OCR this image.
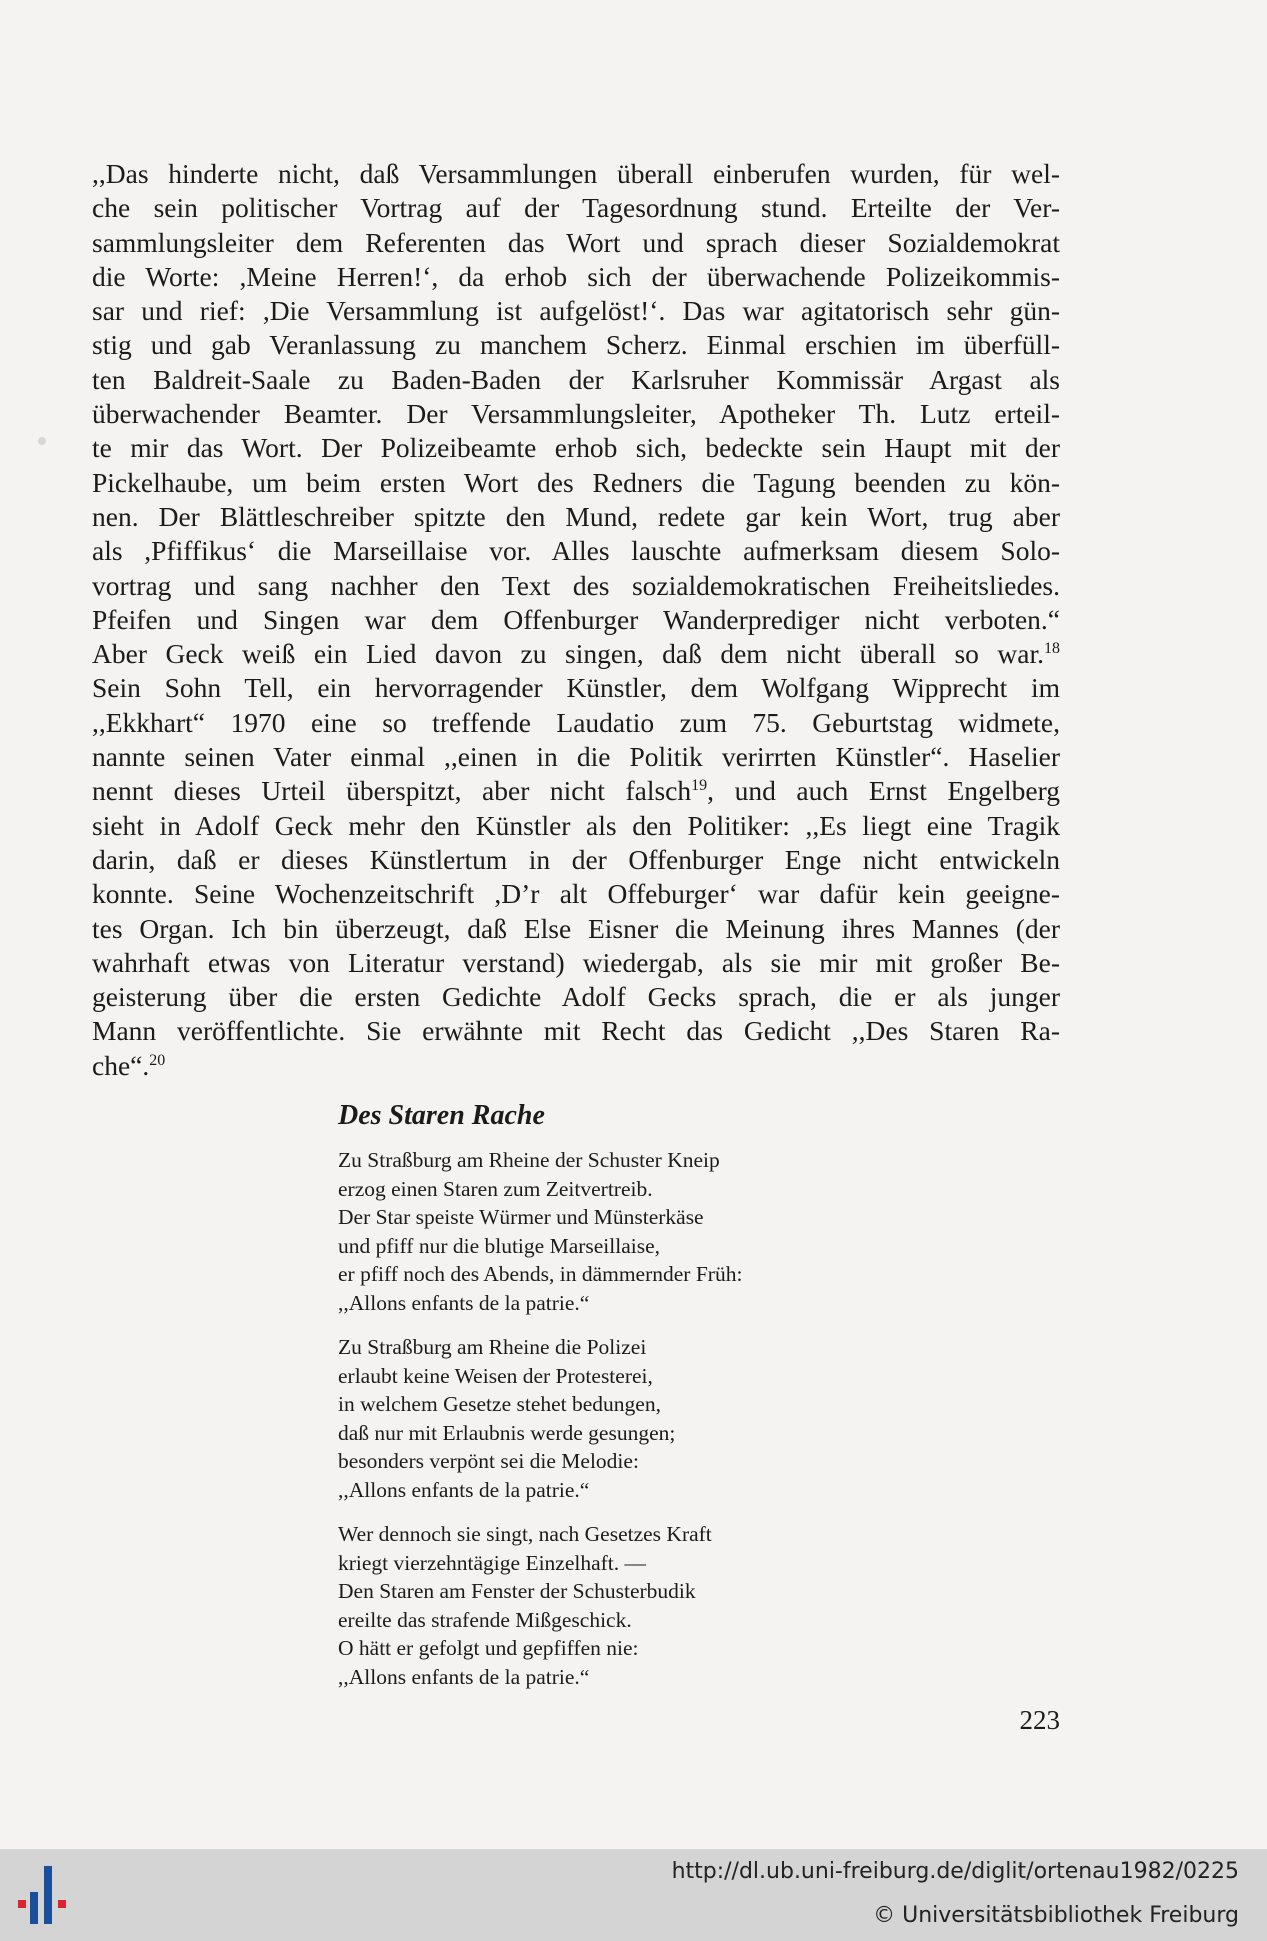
,,Das hinderte nicht, daß Versammlungen überall einberufen wurden, für wel-
che sein politischer Vortrag auf der Tagesordnung stund. Erteilte der Ver-
sammlungsleiter dem Referenten das Wort und sprach dieser Sozialdemokrat
die Worte: ,Meine Herren!‘, da erhob sich der überwachende Polizeikommis-
sar und rief: ,Die Versammlung ist aufgelöst!‘. Das war agitatorisch sehr gün-
stig und gab Veranlassung zu manchem Scherz. Einmal erschien im überfüll-
ten Baldreit-Saale zu Baden-Baden der Karlsruher Kommissär Argast als
überwachender Beamter. Der Versammlungsleiter, Apotheker Th. Lutz erteil-
te mir das Wort. Der Polizeibeamte erhob sich, bedeckte sein Haupt mit der
Pickelhaube, um beim ersten Wort des Redners die Tagung beenden zu kön-
nen. Der Blättleschreiber spitzte den Mund, redete gar kein Wort, trug aber
als ,Pfiffikus‘ die Marseillaise vor. Alles lauschte aufmerksam diesem Solo-
vortrag und sang nachher den Text des sozialdemokratischen Freiheitsliedes.
Pfeifen und Singen war dem Offenburger Wanderprediger nicht verboten.“
Aber Geck weiß ein Lied davon zu singen, daß dem nicht überall so war.$^{18}$
Sein Sohn Tell, ein hervorragender Künstler, dem Wolfgang Wipprecht im
,,Ekkhart“ 1970 eine so treffende Laudatio zum 75. Geburtstag widmete,
nannte seinen Vater einmal ,,einen in die Politik verirrten Künstler“. Haselier
nennt dieses Urteil überspitzt, aber nicht falsch$^{19}$, und auch Ernst Engelberg
sieht in Adolf Geck mehr den Künstler als den Politiker: ,,Es liegt eine Tragik
darin, daß er dieses Künstlertum in der Offenburger Enge nicht entwickeln
konnte. Seine Wochenzeitschrift ,D’r alt Offeburger‘ war dafür kein geeigne-
tes Organ. Ich bin überzeugt, daß Else Eisner die Meinung ihres Mannes (der
wahrhaft etwas von Literatur verstand) wiedergab, als sie mir mit großer Be-
geisterung über die ersten Gedichte Adolf Gecks sprach, die er als junger
Mann veröffentlichte. Sie erwähnte mit Recht das Gedicht ,,Des Staren Ra-
che“.$^{20}$
Des Staren Rache
Zu Straßburg am Rheine der Schuster Kneip
erzog einen Staren zum Zeitvertreib.
Der Star speiste Würmer und Münsterkäse
und pfiff nur die blutige Marseillaise,
er pfiff noch des Abends, in dämmernder Früh:
,,Allons enfants de la patrie.“
Zu Straßburg am Rheine die Polizei
erlaubt keine Weisen der Protesterei,
in welchem Gesetze stehet bedungen,
daß nur mit Erlaubnis werde gesungen;
besonders verpönt sei die Melodie:
,,Allons enfants de la patrie.“
Wer dennoch sie singt, nach Gesetzes Kraft
kriegt vierzehntägige Einzelhaft. —
Den Staren am Fenster der Schusterbudik
ereilte das strafende Mißgeschick.
O hätt er gefolgt und gepfiffen nie:
,,Allons enfants de la patrie.“
223
http://dl.ub.uni-freiburg.de/diglit/ortenau1982/0225
© Universitätsbibliothek Freiburg
